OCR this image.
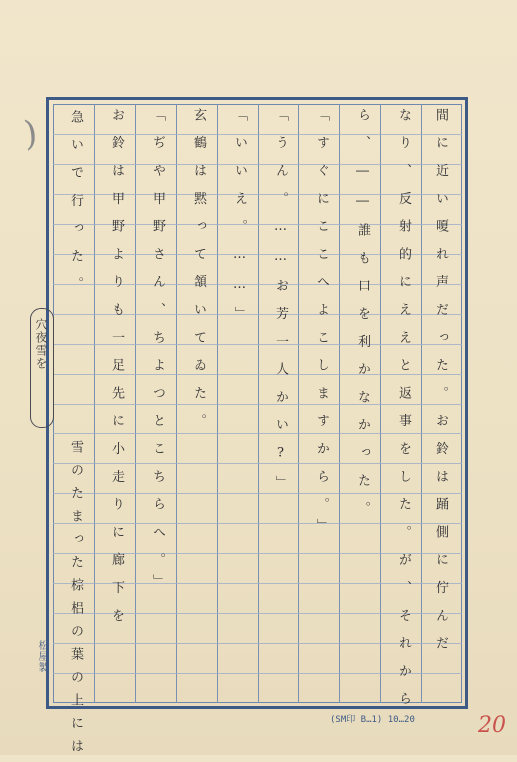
)	間に近い嗄れ声だった。お鈴は踊側に佇んだ
なり、反射的にええと返事をした。が、それから
ら、――誰も口を利かなかった。
「すぐにここへよこしますから。」
「うん。……お芳一人かい?」
「いいえ。……」
玄鶴は黙って頷いてゐた。
「ぢや甲野さん、ちよつとこちらへ。」
お鈴は甲野よりも一足先に小走りに廊下を
急いで行った。
雪のたまった棕梠の葉の上には
穴夜雪を
松屋製
(SM印 B…1) 10…20	20
